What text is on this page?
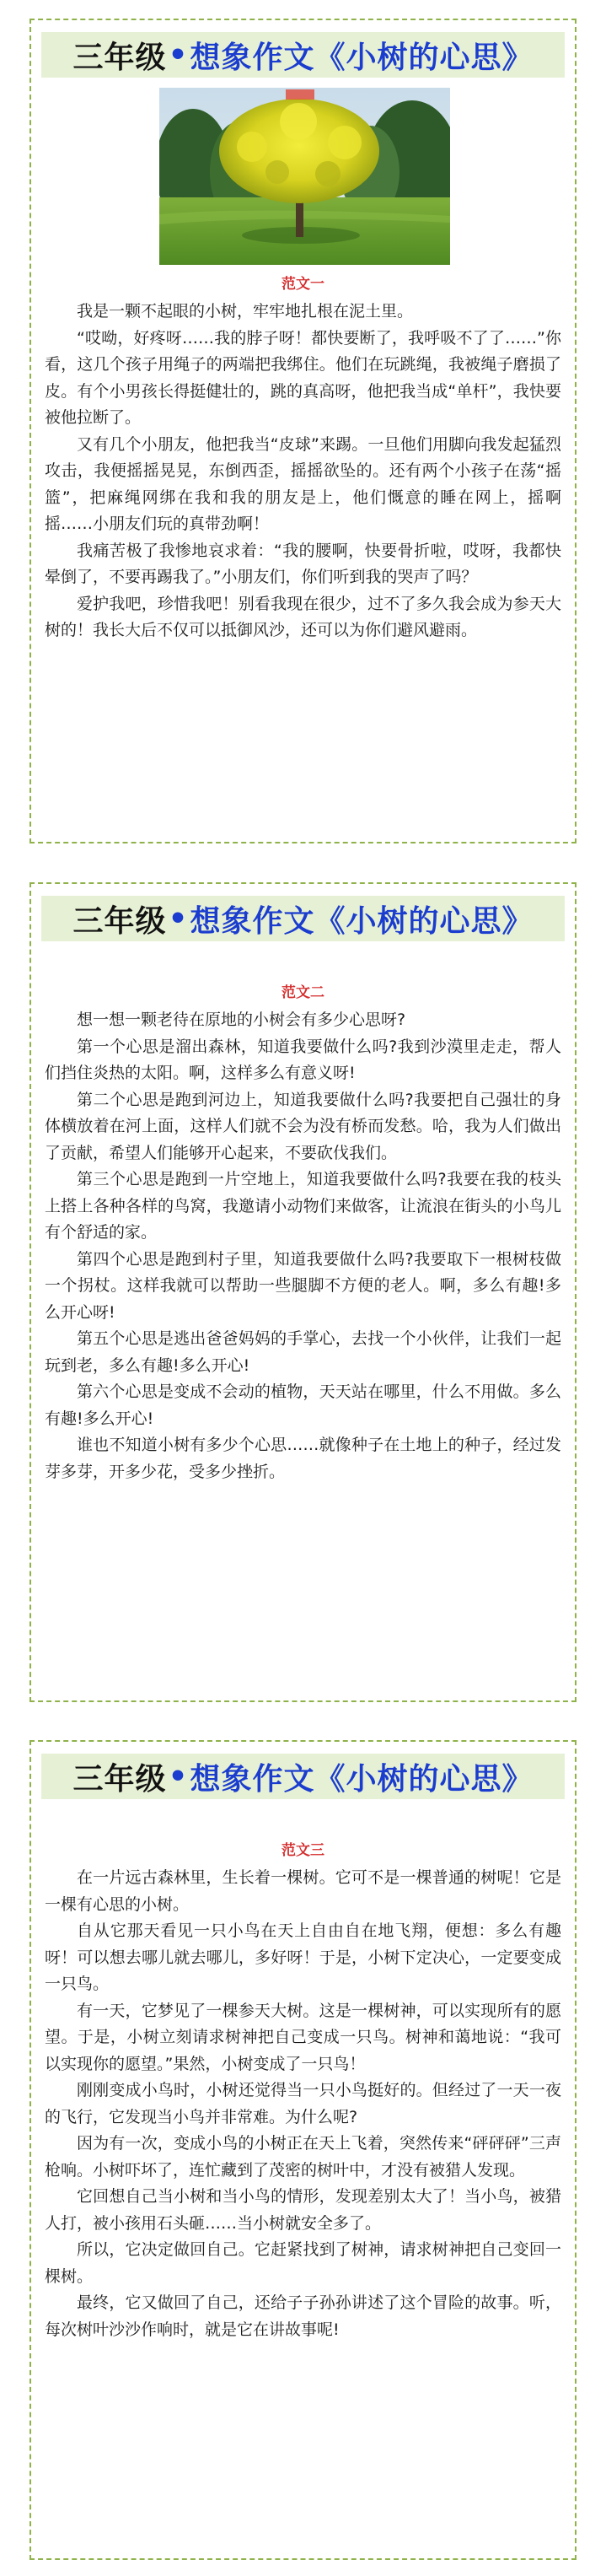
三年级 • 想象作文《小树的心思》
范文一

我是一颗不起眼的小树，牢牢地扎根在泥土里。

“哎呦，好疼呀……我的脖子呀！都快要断了，我呼吸不了了……”你看，这几个孩子用绳子的两端把我绑住。他们在玩跳绳，我被绳子磨损了皮。有个小男孩长得挺健壮的，跳的真高呀，他把我当成“单杆”，我快要被他拉断了。

又有几个小朋友，他把我当“皮球”来踢。一旦他们用脚向我发起猛烈攻击，我便摇摇晃晃，东倒西歪，摇摇欲坠的。还有两个小孩子在荡“摇篮”，把麻绳网绑在我和我的朋友是上，他们慨意的睡在网上，摇啊摇……小朋友们玩的真带劲啊！

我痛苦极了我惨地哀求着：“我的腰啊，快要骨折啦，哎呀，我都快晕倒了，不要再踢我了。”小朋友们，你们听到我的哭声了吗？

爱护我吧，珍惜我吧！别看我现在很少，过不了多久我会成为参天大树的！我长大后不仅可以抵御风沙，还可以为你们避风避雨。

三年级 • 想象作文《小树的心思》
范文二

想一想一颗老待在原地的小树会有多少心思呀?

第一个心思是溜出森林，知道我要做什么吗?我到沙漠里走走，帮人们挡住炎热的太阳。啊，这样多么有意义呀!

第二个心思是跑到河边上，知道我要做什么吗?我要把自己强壮的身体横放着在河上面，这样人们就不会为没有桥而发愁。哈，我为人们做出了贡献，希望人们能够开心起来，不要砍伐我们。

第三个心思是跑到一片空地上，知道我要做什么吗?我要在我的枝头上搭上各种各样的鸟窝，我邀请小动物们来做客，让流浪在街头的小鸟儿有个舒适的家。

第四个心思是跑到村子里，知道我要做什么吗?我要取下一根树枝做一个拐杖。这样我就可以帮助一些腿脚不方便的老人。啊，多么有趣!多么开心呀!

第五个心思是逃出爸爸妈妈的手掌心，去找一个小伙伴，让我们一起玩到老，多么有趣!多么开心!

第六个心思是变成不会动的植物，天天站在哪里，什么不用做。多么有趣!多么开心!

谁也不知道小树有多少个心思……就像种子在土地上的种子，经过发芽多芽，开多少花，受多少挫折。

三年级 • 想象作文《小树的心思》
范文三

在一片远古森林里，生长着一棵树。它可不是一棵普通的树呢！它是一棵有心思的小树。

自从它那天看见一只小鸟在天上自由自在地飞翔，便想：多么有趣呀！可以想去哪儿就去哪儿，多好呀！于是，小树下定决心，一定要变成一只鸟。

有一天，它梦见了一棵参天大树。这是一棵树神，可以实现所有的愿望。于是，小树立刻请求树神把自己变成一只鸟。树神和蔼地说：“我可以实现你的愿望。”果然，小树变成了一只鸟！

刚刚变成小鸟时，小树还觉得当一只小鸟挺好的。但经过了一天一夜的飞行，它发现当小鸟并非常难。为什么呢?

因为有一次，变成小鸟的小树正在天上飞着，突然传来“砰砰砰”三声枪响。小树吓坏了，连忙藏到了茂密的树叶中，才没有被猎人发现。

它回想自己当小树和当小鸟的情形，发现差别太大了！当小鸟，被猎人打，被小孩用石头砸……当小树就安全多了。

所以，它决定做回自己。它赶紧找到了树神，请求树神把自己变回一棵树。

最终，它又做回了自己，还给子子孙孙讲述了这个冒险的故事。听，每次树叶沙沙作响时，就是它在讲故事呢!
